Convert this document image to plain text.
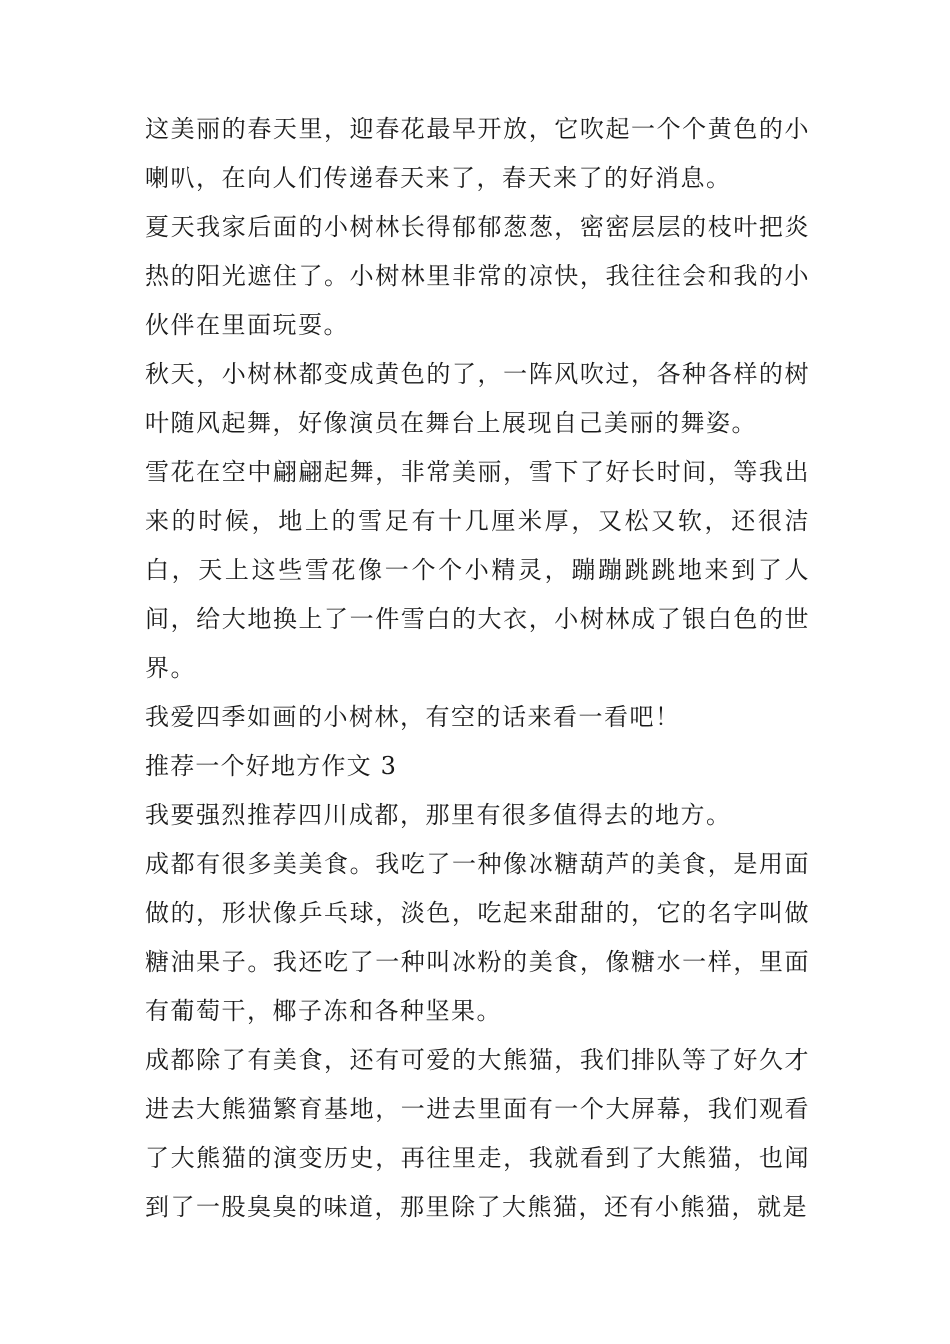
这美丽的春天里，迎春花最早开放，它吹起一个个黄色的小喇叭，在向人们传递春天来了，春天来了的好消息。

夏天我家后面的小树林长得郁郁葱葱，密密层层的枝叶把炎热的阳光遮住了。小树林里非常的凉快，我往往会和我的小伙伴在里面玩耍。

秋天，小树林都变成黄色的了，一阵风吹过，各种各样的树叶随风起舞，好像演员在舞台上展现自己美丽的舞姿。

雪花在空中翩翩起舞，非常美丽，雪下了好长时间，等我出来的时候，地上的雪足有十几厘米厚，又松又软，还很洁白，天上这些雪花像一个个小精灵，蹦蹦跳跳地来到了人间，给大地换上了一件雪白的大衣，小树林成了银白色的世界。

我爱四季如画的小树林，有空的话来看一看吧！

推荐一个好地方作文 3

我要强烈推荐四川成都，那里有很多值得去的地方。

成都有很多美美食。我吃了一种像冰糖葫芦的美食，是用面做的，形状像乒乓球，淡色，吃起来甜甜的，它的名字叫做糖油果子。我还吃了一种叫冰粉的美食，像糖水一样，里面有葡萄干，椰子冻和各种坚果。

成都除了有美食，还有可爱的大熊猫，我们排队等了好久才进去大熊猫繁育基地，一进去里面有一个大屏幕，我们观看了大熊猫的演变历史，再往里走，我就看到了大熊猫，也闻到了一股臭臭的味道，那里除了大熊猫，还有小熊猫，就是
